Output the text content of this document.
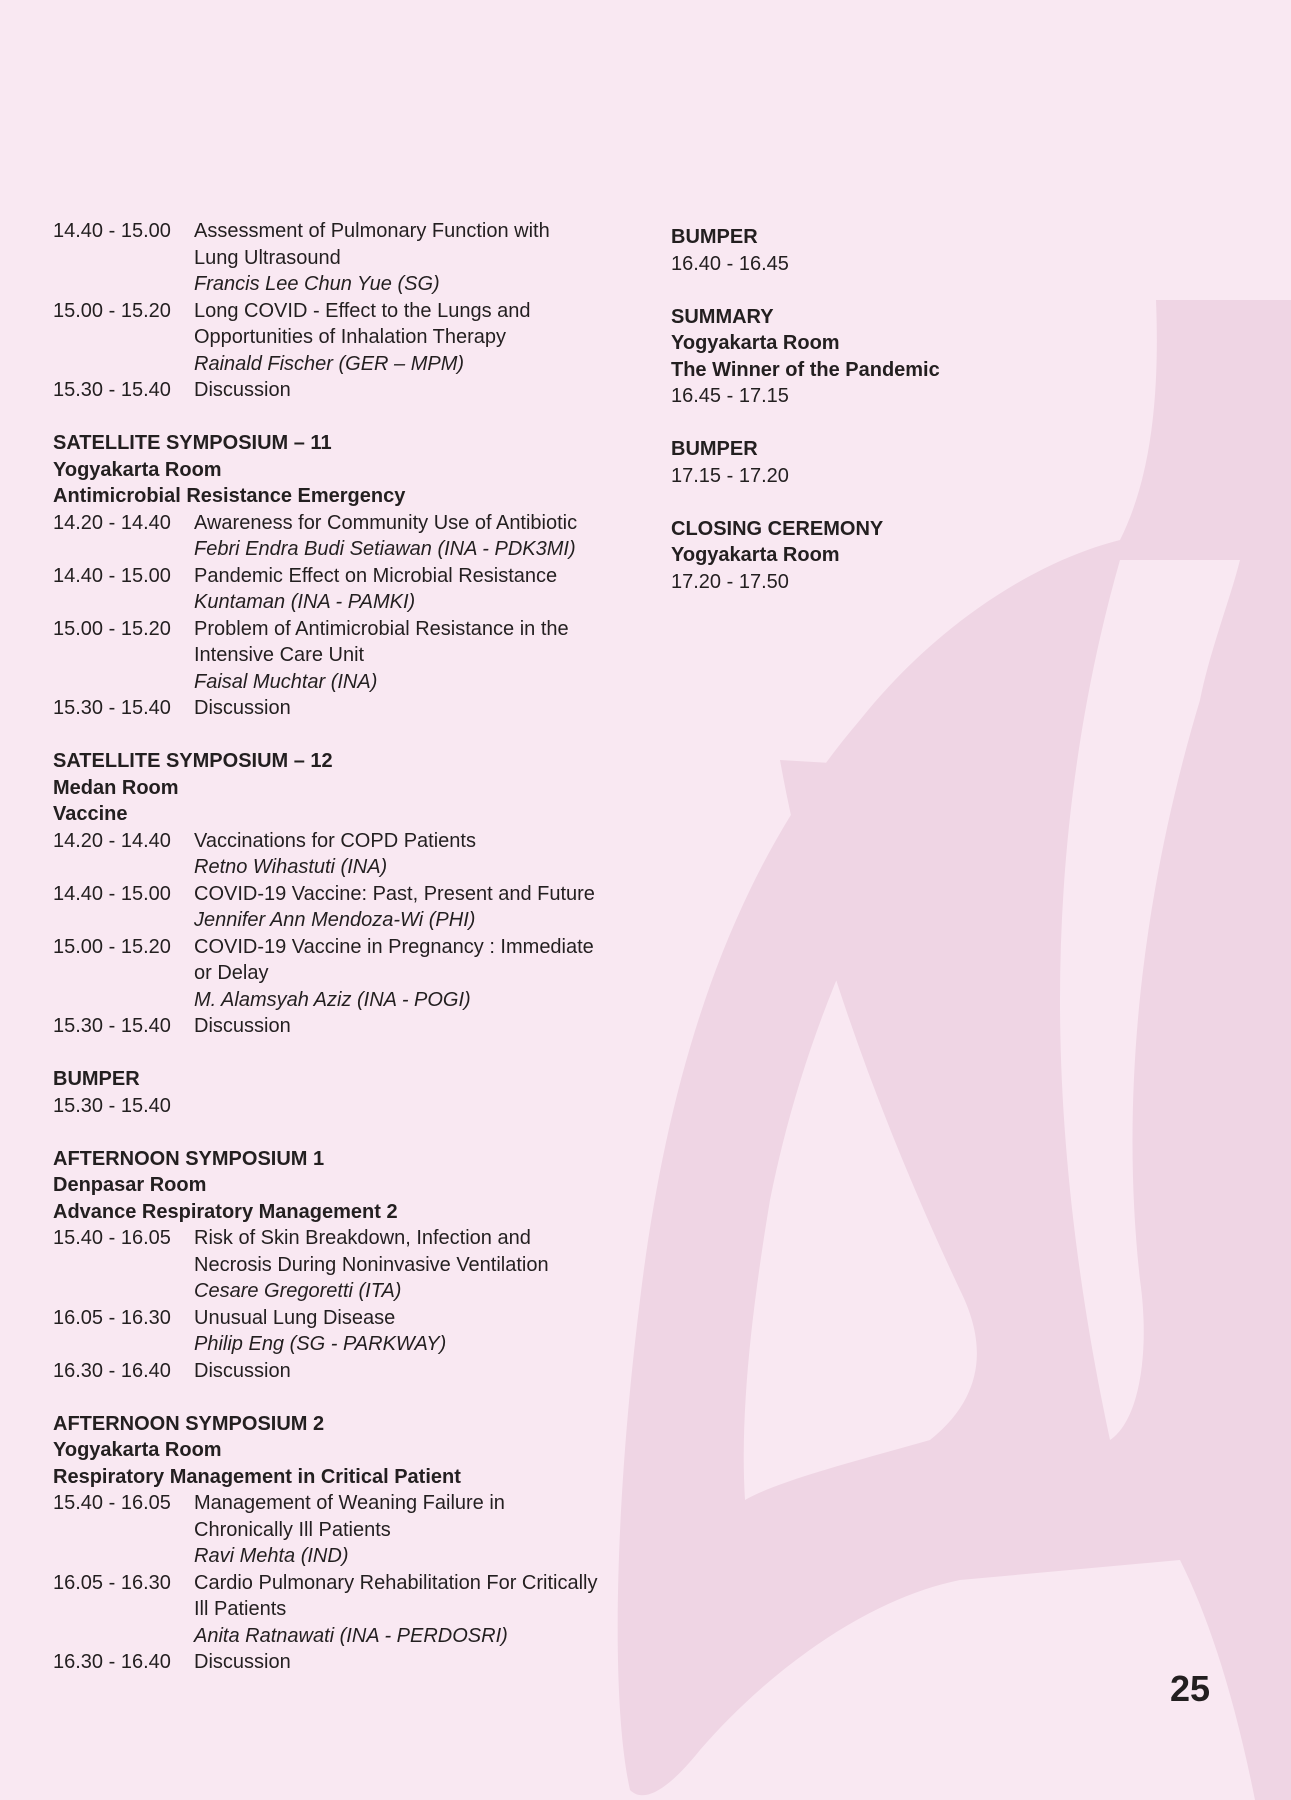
14.40 - 15.00	Assessment of Pulmonary Function with
Lung Ultrasound
Francis Lee Chun Yue (SG)
15.00 - 15.20	Long COVID - Effect to the Lungs and
Opportunities of Inhalation Therapy
Rainald Fischer (GER – MPM)
15.30 - 15.40	Discussion
SATELLITE SYMPOSIUM – 11
Yogyakarta Room
Antimicrobial Resistance Emergency
14.20 - 14.40	Awareness for Community Use of Antibiotic
Febri Endra Budi Setiawan (INA - PDK3MI)
14.40 - 15.00	Pandemic Effect on Microbial Resistance
Kuntaman (INA - PAMKI)
15.00 - 15.20	Problem of Antimicrobial Resistance in the
Intensive Care Unit
Faisal Muchtar (INA)
15.30 - 15.40	Discussion
SATELLITE SYMPOSIUM – 12
Medan Room
Vaccine
14.20 - 14.40	Vaccinations for COPD Patients
Retno Wihastuti (INA)
14.40 - 15.00	COVID-19 Vaccine: Past, Present and Future
Jennifer Ann Mendoza-Wi (PHI)
15.00 - 15.20	COVID-19 Vaccine in Pregnancy : Immediate
or Delay
M. Alamsyah Aziz (INA - POGI)
15.30 - 15.40	Discussion
BUMPER
15.30 - 15.40
AFTERNOON SYMPOSIUM 1
Denpasar Room
Advance Respiratory Management 2
15.40 - 16.05	Risk of Skin Breakdown, Infection and
Necrosis During Noninvasive Ventilation
Cesare Gregoretti (ITA)
16.05 - 16.30	Unusual Lung Disease
Philip Eng (SG - PARKWAY)
16.30 - 16.40	Discussion
AFTERNOON SYMPOSIUM 2
Yogyakarta Room
Respiratory Management in Critical Patient
15.40 - 16.05	Management of Weaning Failure in
Chronically Ill Patients
Ravi Mehta (IND)
16.05 - 16.30	Cardio Pulmonary Rehabilitation For Critically
Ill Patients
Anita Ratnawati (INA - PERDOSRI)
16.30 - 16.40	Discussion
BUMPER
16.40 - 16.45
SUMMARY
Yogyakarta Room
The Winner of the Pandemic
16.45 - 17.15
BUMPER
17.15 - 17.20
CLOSING CEREMONY
Yogyakarta Room
17.20 - 17.50
25
